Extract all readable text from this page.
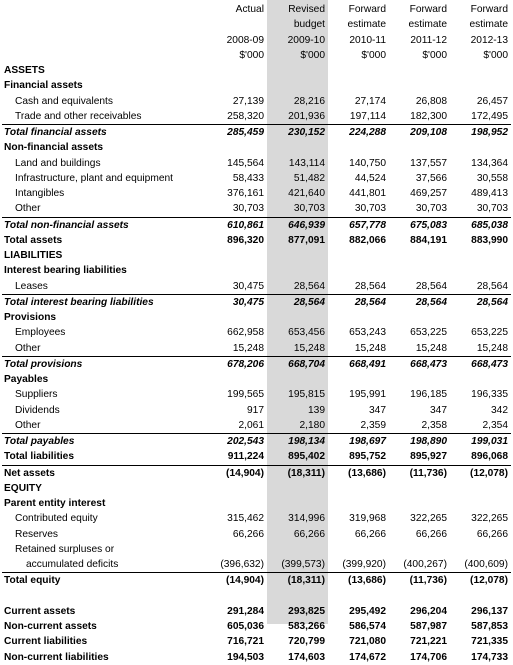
	Actual	Revised	Forward	Forward	Forward
		budget	estimate	estimate	estimate
	2008-09	2009-10	2010-11	2011-12	2012-13
	$'000	$'000	$'000	$'000	$'000
ASSETS					
Financial assets					
Cash and equivalents	27,139	28,216	27,174	26,808	26,457
Trade and other receivables	258,320	201,936	197,114	182,300	172,495
Total financial assets	285,459	230,152	224,288	209,108	198,952
Non-financial assets					
Land and buildings	145,564	143,114	140,750	137,557	134,364
Infrastructure, plant and equipment	58,433	51,482	44,524	37,566	30,558
Intangibles	376,161	421,640	441,801	469,257	489,413
Other	30,703	30,703	30,703	30,703	30,703
Total non-financial assets	610,861	646,939	657,778	675,083	685,038
Total assets	896,320	877,091	882,066	884,191	883,990
LIABILITIES					
Interest bearing liabilities					
Leases	30,475	28,564	28,564	28,564	28,564
Total interest bearing liabilities	30,475	28,564	28,564	28,564	28,564
Provisions					
Employees	662,958	653,456	653,243	653,225	653,225
Other	15,248	15,248	15,248	15,248	15,248
Total provisions	678,206	668,704	668,491	668,473	668,473
Payables					
Suppliers	199,565	195,815	195,991	196,185	196,335
Dividends	917	139	347	347	342
Other	2,061	2,180	2,359	2,358	2,354
Total payables	202,543	198,134	198,697	198,890	199,031
Total liabilities	911,224	895,402	895,752	895,927	896,068
Net assets	(14,904)	(18,311)	(13,686)	(11,736)	(12,078)
EQUITY					
Parent entity interest					
Contributed equity	315,462	314,996	319,968	322,265	322,265
Reserves	66,266	66,266	66,266	66,266	66,266
Retained surpluses or					
accumulated deficits	(396,632)	(399,573)	(399,920)	(400,267)	(400,609)
Total equity	(14,904)	(18,311)	(13,686)	(11,736)	(12,078)

Current assets	291,284	293,825	295,492	296,204	296,137
Non-current assets	605,036	583,266	586,574	587,987	587,853
Current liabilities	716,721	720,799	721,080	721,221	721,335
Non-current liabilities	194,503	174,603	174,672	174,706	174,733
